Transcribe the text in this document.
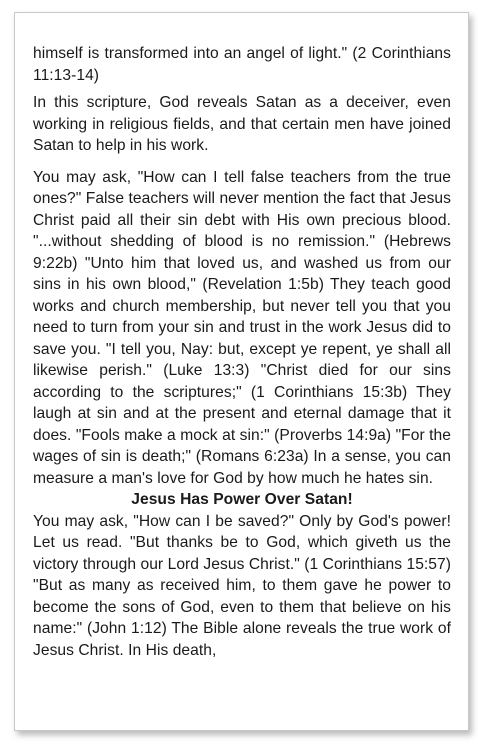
himself is transformed into an angel of light." (2 Corinthians 11:13-14)

In this scripture, God reveals Satan as a deceiver, even working in religious fields, and that certain men have joined Satan to help in his work.

You may ask, "How can I tell false teachers from the true ones?" False teachers will never mention the fact that Jesus Christ paid all their sin debt with His own precious blood. "...without shedding of blood is no remission." (Hebrews 9:22b) "Unto him that loved us, and washed us from our sins in his own blood," (Revelation 1:5b) They teach good works and church membership, but never tell you that you need to turn from your sin and trust in the work Jesus did to save you. "I tell you, Nay: but, except ye repent, ye shall all likewise perish." (Luke 13:3) "Christ died for our sins according to the scriptures;" (1 Corinthians 15:3b) They laugh at sin and at the present and eternal damage that it does. "Fools make a mock at sin:" (Proverbs 14:9a) "For the wages of sin is death;" (Romans 6:23a) In a sense, you can measure a man's love for God by how much he hates sin.

Jesus Has Power Over Satan!

You may ask, "How can I be saved?" Only by God's power! Let us read. "But thanks be to God, which giveth us the victory through our Lord Jesus Christ." (1 Corinthians 15:57) "But as many as received him, to them gave he power to become the sons of God, even to them that believe on his name:" (John 1:12) The Bible alone reveals the true work of Jesus Christ. In His death,
